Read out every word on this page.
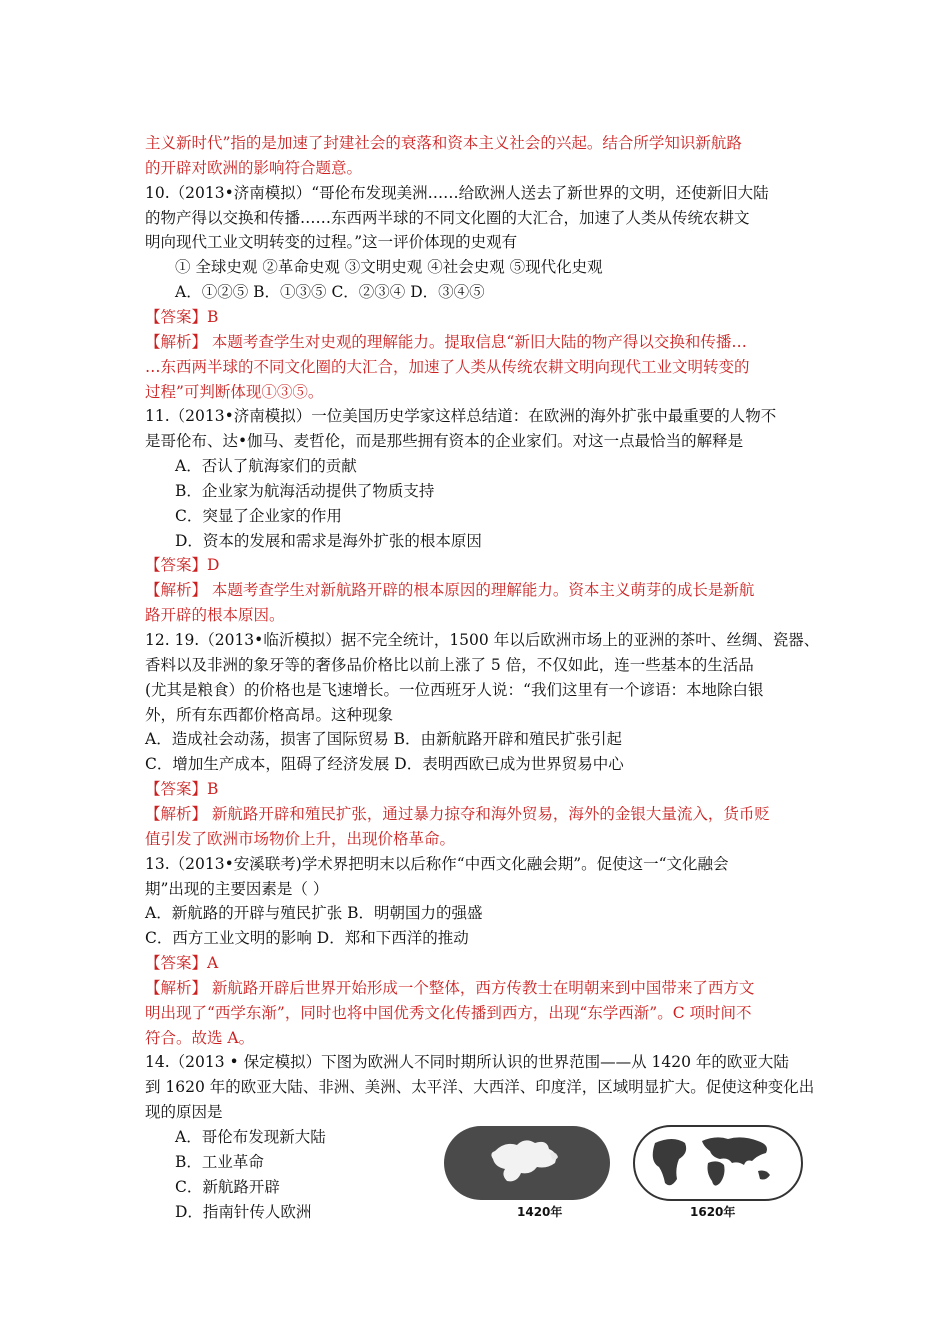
主义新时代”指的是加速了封建社会的衰落和资本主义社会的兴起。结合所学知识新航路
的开辟对欧洲的影响符合题意。
10.（2013•济南模拟）“哥伦布发现美洲……给欧洲人送去了新世界的文明，还使新旧大陆
的物产得以交换和传播……东西两半球的不同文化圈的大汇合，加速了人类从传统农耕文
明向现代工业文明转变的过程。”这一评价体现的史观有
① 全球史观 ②革命史观 ③文明史观 ④社会史观 ⑤现代化史观
A．①②⑤ B．①③⑤ C．②③④ D．③④⑤
【答案】B
【解析】 本题考查学生对史观的理解能力。提取信息“新旧大陆的物产得以交换和传播…
…东西两半球的不同文化圈的大汇合，加速了人类从传统农耕文明向现代工业文明转变的
过程”可判断体现①③⑤。
11.（2013•济南模拟）一位美国历史学家这样总结道：在欧洲的海外扩张中最重要的人物不
是哥伦布、达•伽马、麦哲伦，而是那些拥有资本的企业家们。对这一点最恰当的解释是
A．否认了航海家们的贡献
B．企业家为航海活动提供了物质支持
C．突显了企业家的作用
D．资本的发展和需求是海外扩张的根本原因
【答案】D
【解析】 本题考查学生对新航路开辟的根本原因的理解能力。资本主义萌芽的成长是新航
路开辟的根本原因。
12. 19.（2013•临沂模拟）据不完全统计，1500 年以后欧洲市场上的亚洲的茶叶、丝绸、瓷器、
香料以及非洲的象牙等的奢侈品价格比以前上涨了 5 倍，不仅如此，连一些基本的生活品
(尤其是粮食）的价格也是飞速增长。一位西班牙人说：“我们这里有一个谚语：本地除白银
外，所有东西都价格高昂。这种现象
A．造成社会动荡，损害了国际贸易 B．由新航路开辟和殖民扩张引起
C．增加生产成本，阻碍了经济发展 D．表明西欧已成为世界贸易中心
【答案】B
【解析】 新航路开辟和殖民扩张，通过暴力掠夺和海外贸易，海外的金银大量流入，货币贬
值引发了欧洲市场物价上升，出现价格革命。
13.（2013•安溪联考)学术界把明末以后称作“中西文化融会期”。促使这一“文化融会
期”出现的主要因素是（ ）
A．新航路的开辟与殖民扩张 B．明朝国力的强盛
C．西方工业文明的影响 D．郑和下西洋的推动
【答案】A
【解析】 新航路开辟后世界开始形成一个整体，西方传教士在明朝来到中国带来了西方文
明出现了“西学东渐”，同时也将中国优秀文化传播到西方，出现“东学西渐”。C 项时间不
符合。故选 A。
14.（2013 • 保定模拟）下图为欧洲人不同时期所认识的世界范围——从 1420 年的欧亚大陆
到 1620 年的欧亚大陆、非洲、美洲、太平洋、大西洋、印度洋，区域明显扩大。促使这种变化出
现的原因是
A．哥伦布发现新大陆
B．工业革命
C．新航路开辟
D．指南针传人欧洲	1420年	1620年
